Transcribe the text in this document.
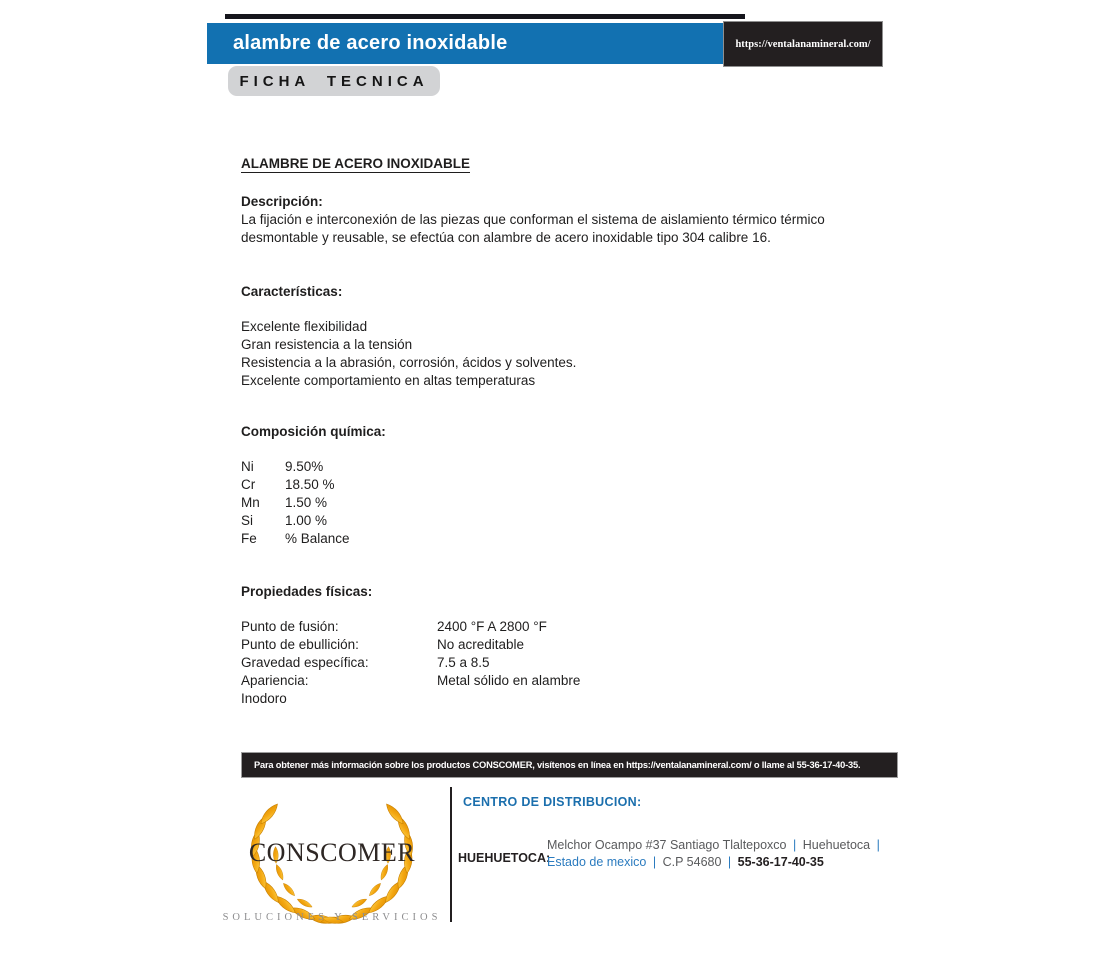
alambre de acero inoxidable	https://ventalanamineral.com/
FICHA TECNICA
ALAMBRE DE ACERO INOXIDABLE
Descripción:
La fijación e interconexión de las piezas que conforman el sistema de aislamiento térmico térmico desmontable y reusable, se efectúa con alambre de acero inoxidable tipo 304 calibre 16.
Características:
Excelente flexibilidad
Gran resistencia a la tensión
Resistencia a la abrasión, corrosión, ácidos y solventes.
Excelente comportamiento en altas temperaturas
Composición química:
Ni	9.50%
Cr	18.50 %
Mn	1.50 %
Si	1.00 %
Fe	% Balance
Propiedades físicas:
Punto de fusión:	2400 °F A 2800 °F
Punto de ebullición:	No acreditable
Gravedad específica:	7.5 a 8.5
Apariencia:	Metal sólido en alambre
Inodoro
Para obtener más información sobre los productos CONSCOMER, visítenos en línea en https://ventalanamineral.com/ o llame al 55-36-17-40-35.
CONSCOMER
SOLUCIONES Y SERVICIOS
CENTRO DE DISTRIBUCION:
HUEHUETOCA:
Melchor Ocampo #37 Santiago Tlaltepoxco | Huehuetoca |
Estado de mexico | C.P 54680 | 55-36-17-40-35
